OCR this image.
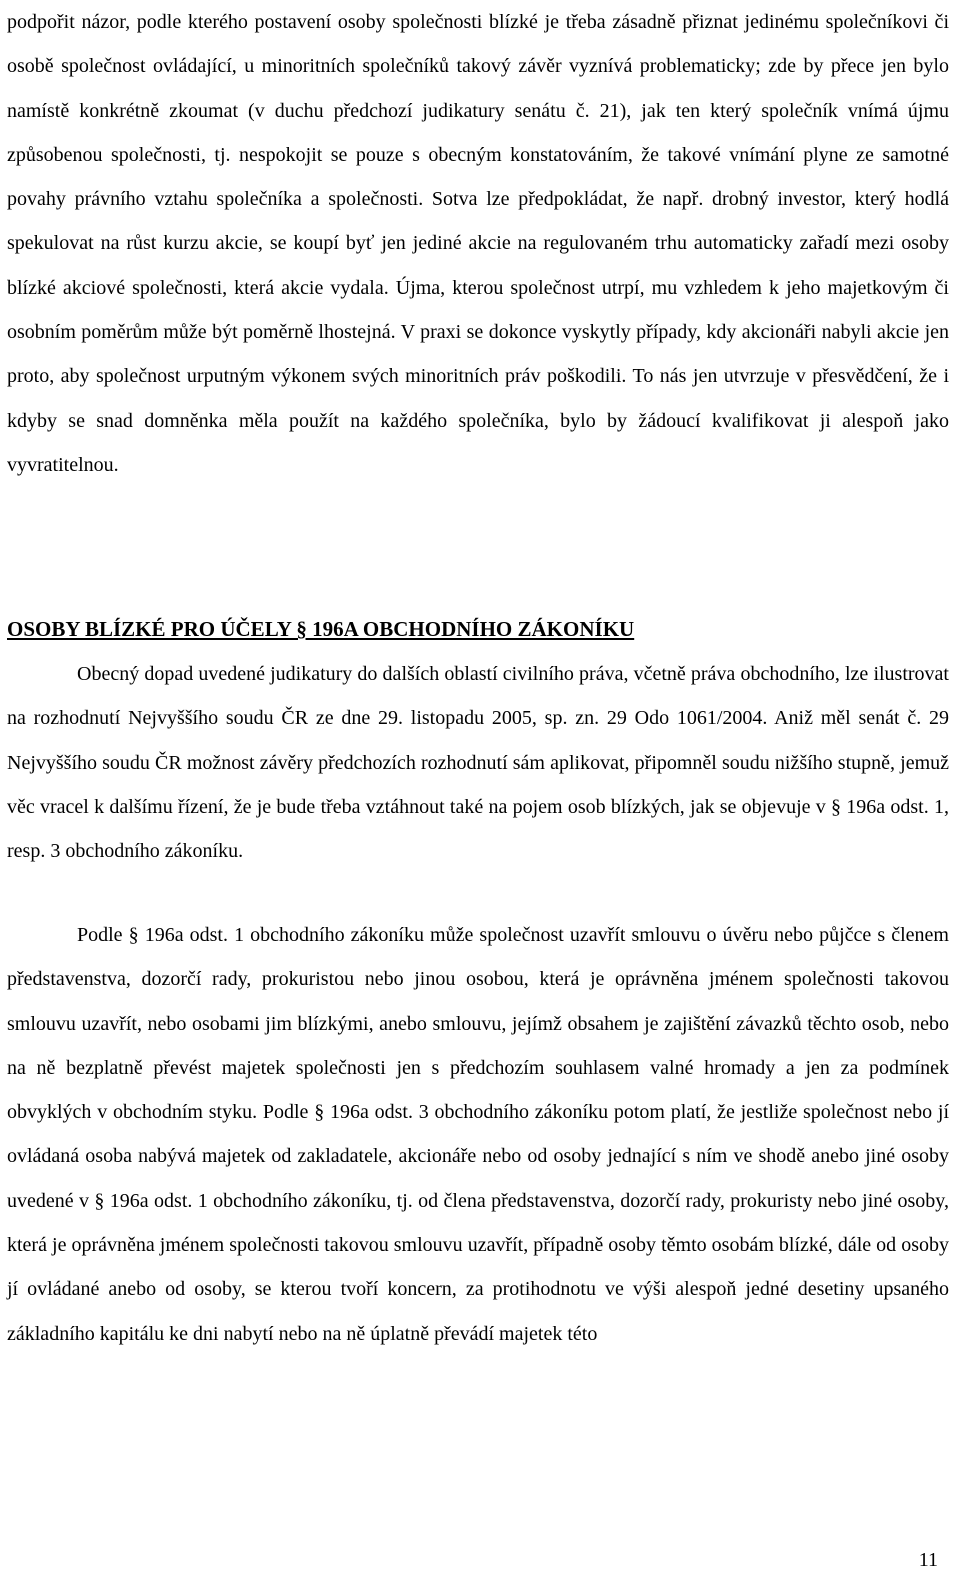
podpořit názor, podle kterého postavení osoby společnosti blízké je třeba zásadně přiznat jedinému společníkovi či osobě společnost ovládající, u minoritních společníků takový závěr vyznívá problematicky; zde by přece jen bylo namístě konkrétně zkoumat (v duchu předchozí judikatury senátu č. 21), jak ten který společník vnímá újmu způsobenou společnosti, tj. nespokojit se pouze s obecným konstatováním, že takové vnímání plyne ze samotné povahy právního vztahu společníka a společnosti. Sotva lze předpokládat, že např. drobný investor, který hodlá spekulovat na růst kurzu akcie, se koupí byť jen jediné akcie na regulovaném trhu automaticky zařadí mezi osoby blízké akciové společnosti, která akcie vydala. Újma, kterou společnost utrpí, mu vzhledem k jeho majetkovým či osobním poměrům může být poměrně lhostejná. V praxi se dokonce vyskytly případy, kdy akcionáři nabyli akcie jen proto, aby společnost urputným výkonem svých minoritních práv poškodili. To nás jen utvrzuje v přesvědčení, že i kdyby se snad domněnka měla použít na každého společníka, bylo by žádoucí kvalifikovat ji alespoň jako vyvratitelnou.

OSOBY BLÍZKÉ PRO ÚČELY § 196A OBCHODNÍHO ZÁKONÍKU

Obecný dopad uvedené judikatury do dalších oblastí civilního práva, včetně práva obchodního, lze ilustrovat na rozhodnutí Nejvyššího soudu ČR ze dne 29. listopadu 2005, sp. zn. 29 Odo 1061/2004. Aniž měl senát č. 29 Nejvyššího soudu ČR možnost závěry předchozích rozhodnutí sám aplikovat, připomněl soudu nižšího stupně, jemuž věc vracel k dalšímu řízení, že je bude třeba vztáhnout také na pojem osob blízkých, jak se objevuje v § 196a odst. 1, resp. 3 obchodního zákoníku.

Podle § 196a odst. 1 obchodního zákoníku může společnost uzavřít smlouvu o úvěru nebo půjčce s členem představenstva, dozorčí rady, prokuristou nebo jinou osobou, která je oprávněna jménem společnosti takovou smlouvu uzavřít, nebo osobami jim blízkými, anebo smlouvu, jejímž obsahem je zajištění závazků těchto osob, nebo na ně bezplatně převést majetek společnosti jen s předchozím souhlasem valné hromady a jen za podmínek obvyklých v obchodním styku. Podle § 196a odst. 3 obchodního zákoníku potom platí, že jestliže společnost nebo jí ovládaná osoba nabývá majetek od zakladatele, akcionáře nebo od osoby jednající s ním ve shodě anebo jiné osoby uvedené v § 196a odst. 1 obchodního zákoníku, tj. od člena představenstva, dozorčí rady, prokuristy nebo jiné osoby, která je oprávněna jménem společnosti takovou smlouvu uzavřít, případně osoby těmto osobám blízké, dále od osoby jí ovládané anebo od osoby, se kterou tvoří koncern, za protihodnotu ve výši alespoň jedné desetiny upsaného základního kapitálu ke dni nabytí nebo na ně úplatně převádí majetek této

11
